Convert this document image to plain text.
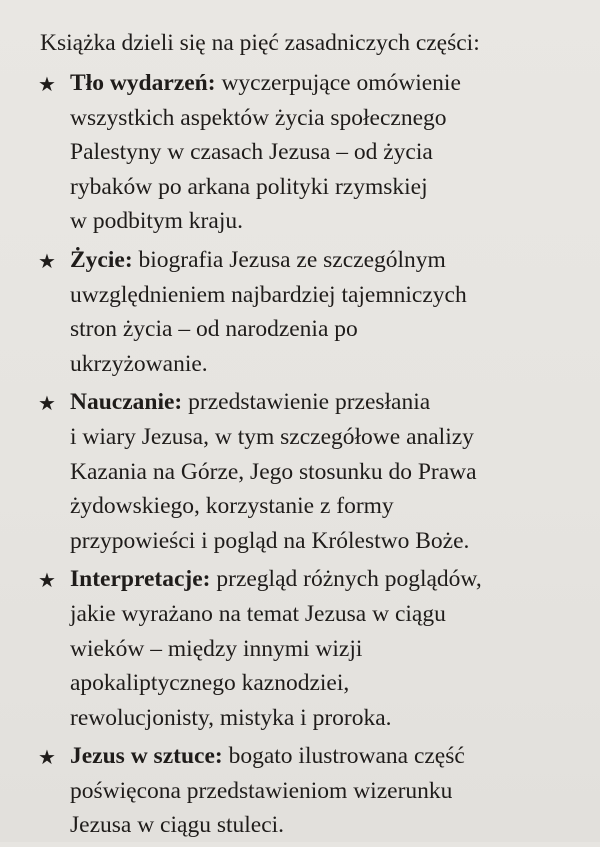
Książka dzieli się na pięć zasadniczych części:
★ Tło wydarzeń: wyczerpujące omówienie
wszystkich aspektów życia społecznego
Palestyny w czasach Jezusa – od życia
rybaków po arkana polityki rzymskiej
w podbitym kraju.
★ Życie: biografia Jezusa ze szczególnym
uwzględnieniem najbardziej tajemniczych
stron życia – od narodzenia po
ukrzyżowanie.
★ Nauczanie: przedstawienie przesłania
i wiary Jezusa, w tym szczegółowe analizy
Kazania na Górze, Jego stosunku do Prawa
żydowskiego, korzystanie z formy
przypowieści i pogląd na Królestwo Boże.
★ Interpretacje: przegląd różnych poglądów,
jakie wyrażano na temat Jezusa w ciągu
wieków – między innymi wizji
apokaliptycznego kaznodziei,
rewolucjonisty, mistyka i proroka.
★ Jezus w sztuce: bogato ilustrowana część
poświęcona przedstawieniom wizerunku
Jezusa w ciągu stuleci.
